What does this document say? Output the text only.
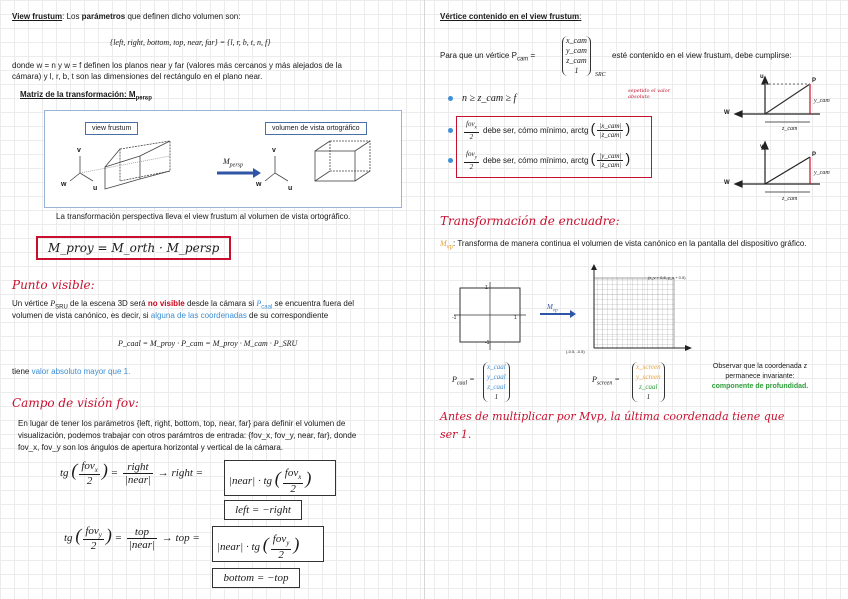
View frustum: Los parámetros que definen dicho volumen son:
{left, right, bottom, top, near, far} = {l, r, b, t, n, f}
donde w = n y w = f definen los planos near y far (valores más cercanos y más alejados de la
cámara) y l, r, b, t son las dimensiones del rectángulo en el plano near.
Matriz de la transformación: $M_{persp}$
view frustum	volumen de vista ortográfico
$M_{persp}$
v
w
u
v
w
u
La transformación perspectiva lleva el view frustum al volumen de vista ortográfico.
M_proy = M_orth · M_persp
Punto visible:
Un vértice $P_{SRU}$ de la escena 3D será no visible desde la cámara si $P_{caal}$ se encuentra fuera del
volumen de vista canónico, es decir, si alguna de las coordenadas de su correspondiente
P_caal = M_proy · P_cam = M_proy · M_cam · P_SRU
tiene valor absoluto mayor que 1.
Campo de visión fov:
En lugar de tener los parámetros {left, right, bottom, top, near, far} para definir el volumen de
visualización, podemos trabajar con otros parámtros de entrada: {fov_x, fov_y, near, far}, donde
fov_x, fov_y son los ángulos de apertura horizontal y vertical de la cámara.
tg ( $\frac{fov_x}{2}$ ) = $\frac{\text{right}}{\text{|near|}}$ → right =
|near| · tg ( $\frac{fov_x}{2}$ )
left = −right
tg ( $\frac{fov_y}{2}$ ) = $\frac{\text{top}}{\text{|near|}}$ → top =
|near| · tg ( $\frac{fov_y}{2}$ )
bottom = −top
Vértice contenido en el view frustum:
Para que un vértice $P_{cam}$ =
x_cam
y_cam
z_cam
1	SRC
esté contenido en el view frustum, debe cumplirse:
n ≥ z_cam ≥ f
$\frac{fov_x}{2}$ debe ser, cómo mínimo, arctg ( $\frac{\text{|x\_cam|}}{\text{|z\_cam|}}$ )
$\frac{fov_y}{2}$ debe ser, cómo mínimo, arctg ( $\frac{\text{|y\_cam|}}{\text{|z\_cam|}}$ )
sepetido el valor absoluto
u
W
P
y_cam
z_cam
v
W
P
y_cam
z_cam
Transformación de encuadre:
$M_{vp}$: Transforma de manera continua el volumen de vista canónico en la pantalla del dispositivo gráfico.
1
-1
-1	1
$M_{vp}$
(x_v + 0.5, y_v + 0.5)
(-0.5, -0.5)
$P_{caal}$ =
x_caal
y_caal
z_caal
1
$P_{screen}$ =
x_screen
y_screen
z_caal
1
Observar que la coordenada z
permanece invariante:
componente de profundidad.
Antes de multiplicar por Mvp, la última coordenada tiene que
ser 1.
